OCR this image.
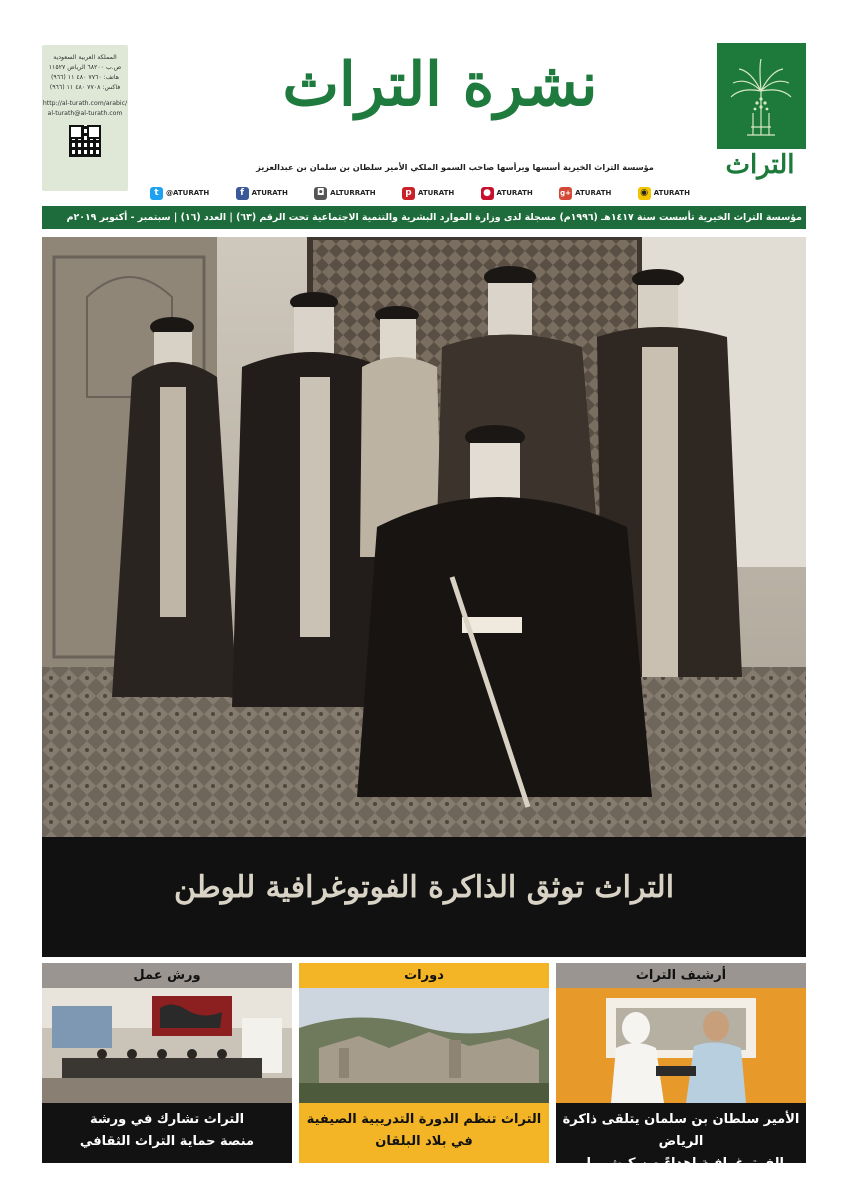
المملكة العربية السعودية
ص.ب ٦٨٢٠٠ الرياض ١١٥٢٧
هاتف: ٧٧٦٠ ٤٨٠ ١١ (٩٦٦)
فاكس: ٧٧٠٨ ٤٨٠ ١١ (٩٦٦)
http://al-turath.com/arabic/
al-turath@al-turath.com	نشرة التراث
مؤسسة التراث الخيرية أسسها ويرأسها صاحب السمو الملكي الأمير سلطان بن سلمان بن عبدالعزيز
t	@ATURATH	f	ATURATH	◘ ALTURRATH	p ATURATH	● ATURATH	g+ ATURATH	◉ ATURATH
التراث
مؤسسة التراث الخيرية تأسست سنة ١٤١٧هـ (١٩٩٦م) مسجلة لدى وزارة الموارد البشرية والتنمية الاجتماعية تحت الرقم (٦٣) | العدد (١٦) | سبتمبر - أكتوبر ٢٠١٩م
التراث توثق الذاكرة الفوتوغرافية للوطن
ورش عمل
التراث تشارك في ورشة
منصة حماية التراث الثقافي
دورات
التراث تنظم الدورة التدريبية الصيفية
في بلاد البلقان
أرشيف التراث
الأمير سلطان بن سلمان يتلقى ذاكرة الرياض
الفوتوغرافية إهداءً من كيث ويلر
